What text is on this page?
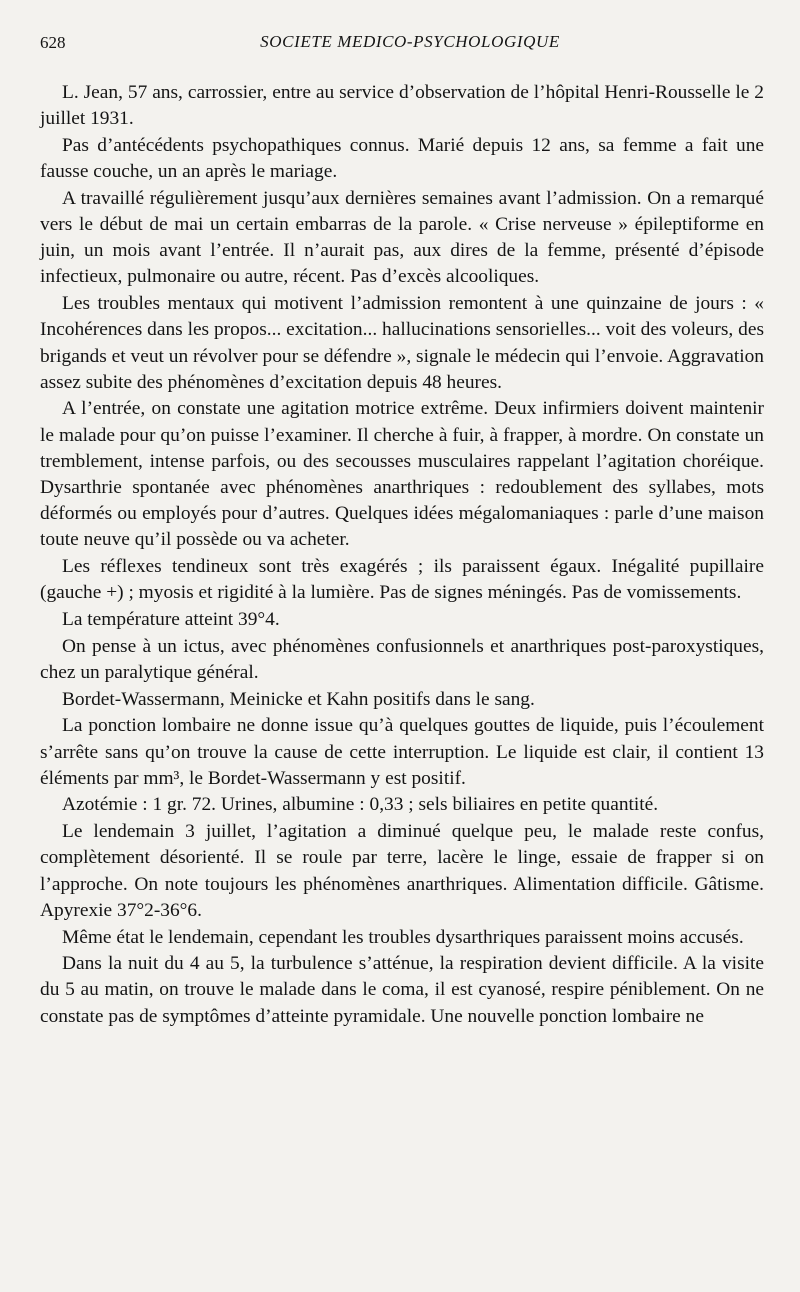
628	SOCIETE MEDICO-PSYCHOLOGIQUE

L. Jean, 57 ans, carrossier, entre au service d’observation de l’hôpital Henri-Rousselle le 2 juillet 1931.

Pas d’antécédents psychopathiques connus. Marié depuis 12 ans, sa femme a fait une fausse couche, un an après le mariage.

A travaillé régulièrement jusqu’aux dernières semaines avant l’admission. On a remarqué vers le début de mai un certain embarras de la parole. « Crise nerveuse » épileptiforme en juin, un mois avant l’entrée. Il n’aurait pas, aux dires de la femme, présenté d’épisode infectieux, pulmonaire ou autre, récent. Pas d’excès alcooliques.

Les troubles mentaux qui motivent l’admission remontent à une quinzaine de jours : « Incohérences dans les propos... excitation... hallucinations sensorielles... voit des voleurs, des brigands et veut un révolver pour se défendre », signale le médecin qui l’envoie. Aggravation assez subite des phénomènes d’excitation depuis 48 heures.

A l’entrée, on constate une agitation motrice extrême. Deux infirmiers doivent maintenir le malade pour qu’on puisse l’examiner. Il cherche à fuir, à frapper, à mordre. On constate un tremblement, intense parfois, ou des secousses musculaires rappelant l’agitation choréique. Dysarthrie spontanée avec phénomènes anarthriques : redoublement des syllabes, mots déformés ou employés pour d’autres. Quelques idées mégalomaniaques : parle d’une maison toute neuve qu’il possède ou va acheter.

Les réflexes tendineux sont très exagérés ; ils paraissent égaux. Inégalité pupillaire (gauche +) ; myosis et rigidité à la lumière. Pas de signes méningés. Pas de vomissements.

La température atteint 39°4.

On pense à un ictus, avec phénomènes confusionnels et anarthriques post-paroxystiques, chez un paralytique général.

Bordet-Wassermann, Meinicke et Kahn positifs dans le sang.

La ponction lombaire ne donne issue qu’à quelques gouttes de liquide, puis l’écoulement s’arrête sans qu’on trouve la cause de cette interruption. Le liquide est clair, il contient 13 éléments par mm³, le Bordet-Wassermann y est positif.

Azotémie : 1 gr. 72. Urines, albumine : 0,33 ; sels biliaires en petite quantité.

Le lendemain 3 juillet, l’agitation a diminué quelque peu, le malade reste confus, complètement désorienté. Il se roule par terre, lacère le linge, essaie de frapper si on l’approche. On note toujours les phénomènes anarthriques. Alimentation difficile. Gâtisme. Apyrexie 37°2-36°6.

Même état le lendemain, cependant les troubles dysarthriques paraissent moins accusés.

Dans la nuit du 4 au 5, la turbulence s’atténue, la respiration devient difficile. A la visite du 5 au matin, on trouve le malade dans le coma, il est cyanosé, respire péniblement. On ne constate pas de symptômes d’atteinte pyramidale. Une nouvelle ponction lombaire ne
